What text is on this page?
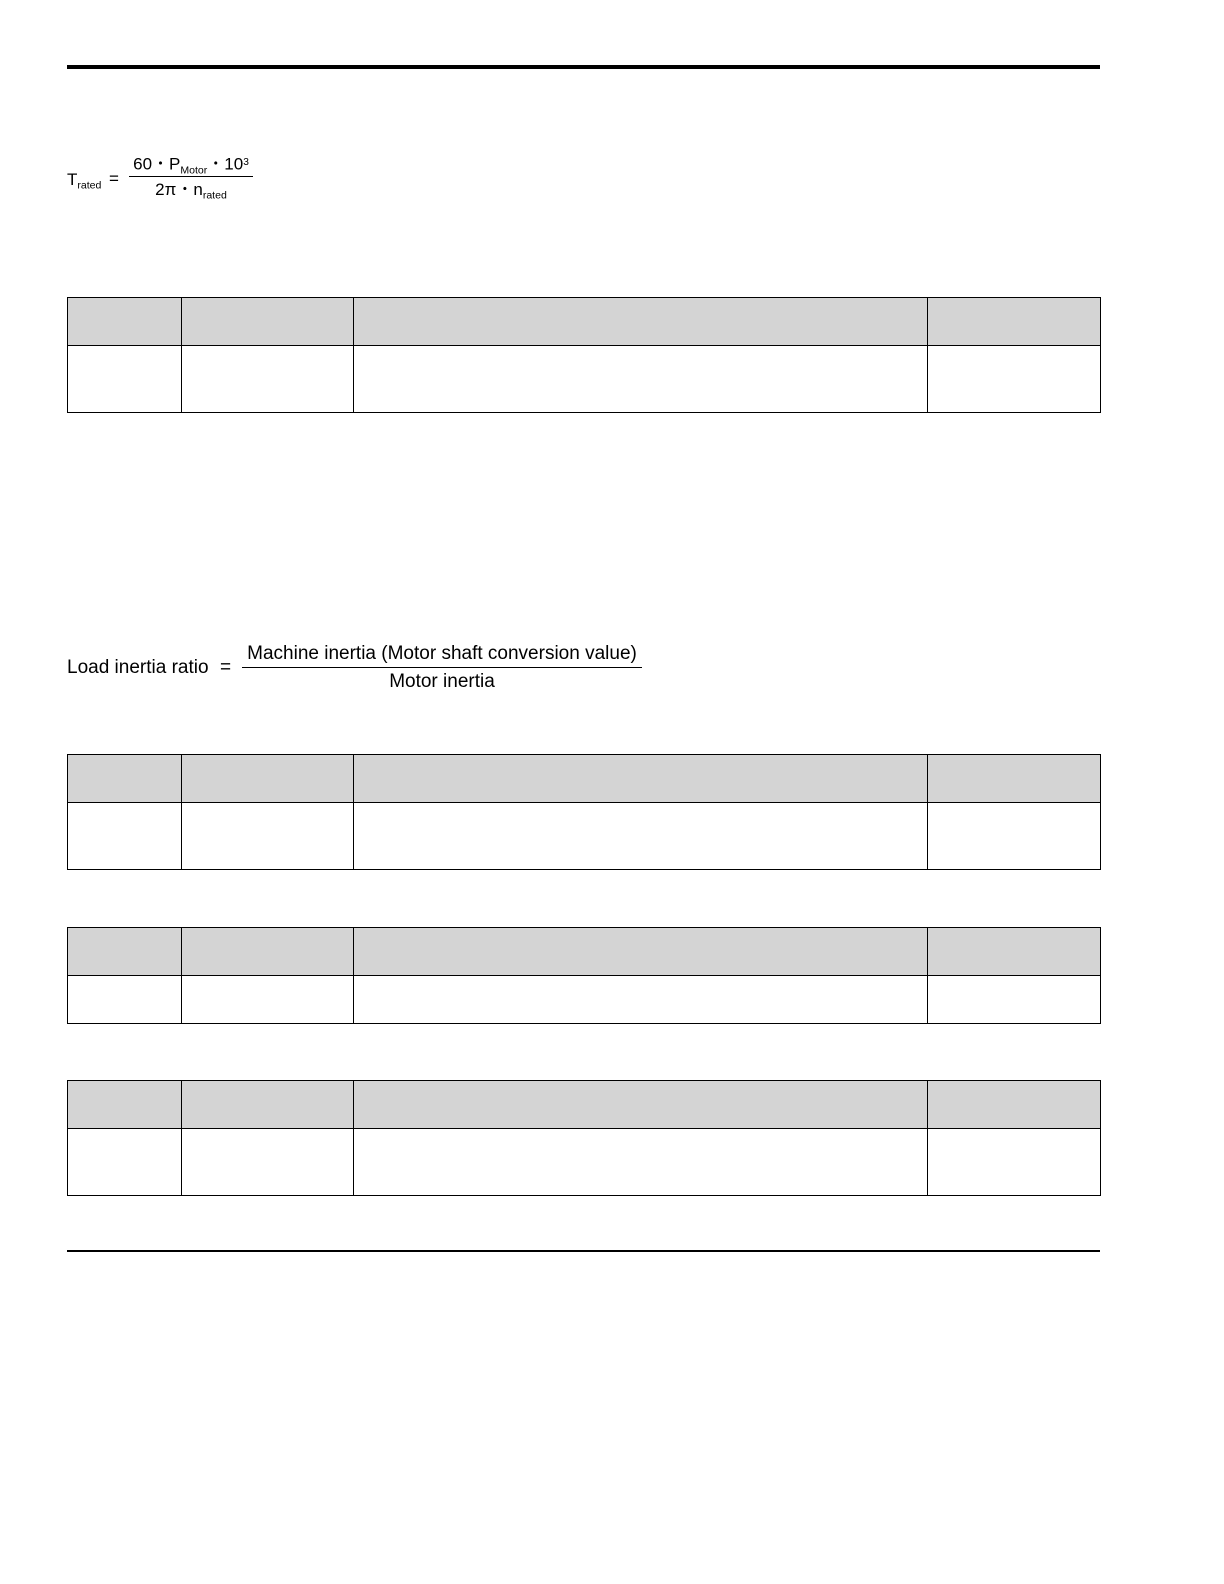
$T_{rated}$ =
60・$P_{Motor}$・$10^3$
2π・$n_{rated}$

Load inertia ratio =
Machine inertia (Motor shaft conversion value)
Motor inertia
